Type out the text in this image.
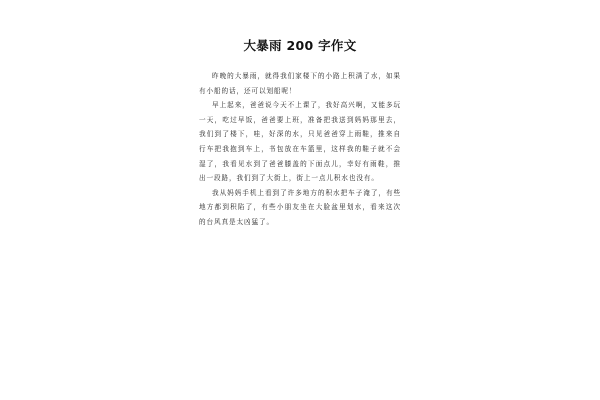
大暴雨 200 字作文

昨晚的大暴雨，就得我们家楼下的小路上积满了水，如果有小船的话，还可以划船呢！

早上起来，爸爸说今天不上课了，我好高兴啊，又能多玩一天，吃过早饭，爸爸要上班，准备把我送到妈妈那里去，我们到了楼下，哇，好深的水，只见爸爸穿上雨鞋，推来自行车把我抱到车上，书包放在车篮里，这样我的鞋子就不会湿了，我看见水到了爸爸膝盖的下面点儿，幸好有雨鞋，推出一段路，我们到了大街上，街上一点儿积水也没有。

我从妈妈手机上看到了许多地方的积水把车子淹了，有些地方都到积陷了，有些小朋友坐在大脸盆里划水，看来这次的台风真是太凶猛了。
